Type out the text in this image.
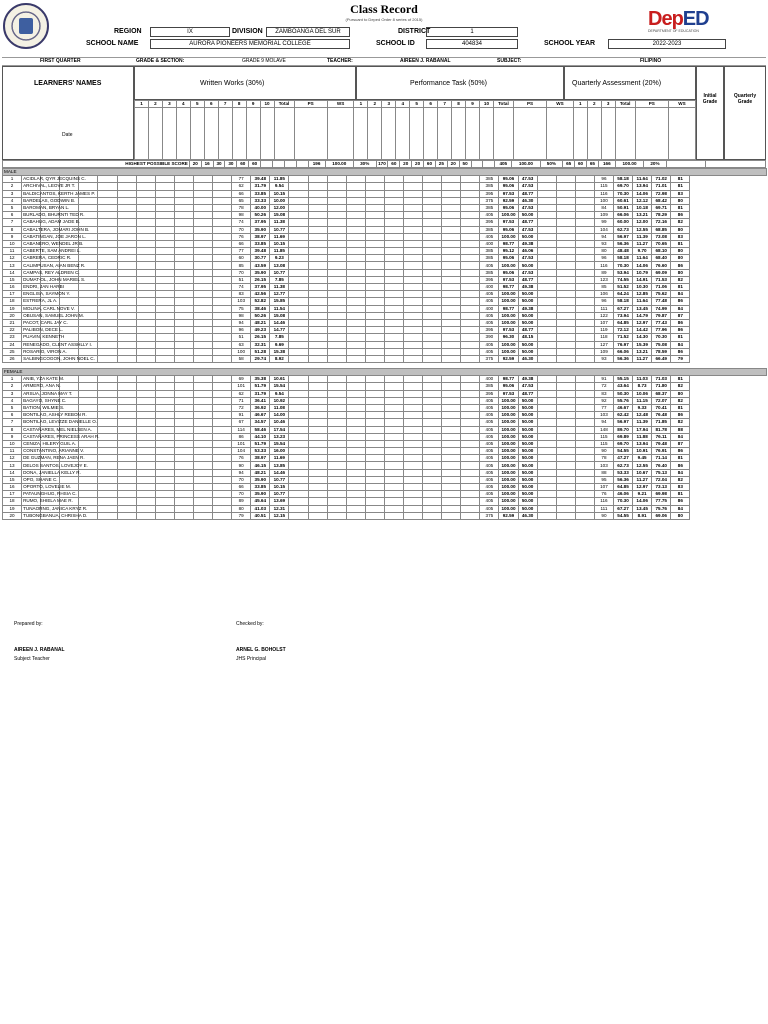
Class Record
(Pursuant to Deped Order 8 series of 2015)	DepED
DEPARTMENT OF EDUCATION
REGION	IX	DIVISION	ZAMBOANGA DEL SUR	DISTRICT	1
SCHOOL NAME	AURORA PIONEERS MEMORIAL COLLEGE	SCHOOL ID	404834	SCHOOL YEAR	2022-2023
FIRST QUARTER	GRADE & SECTION:	GRADE 9 MOLAVE	TEACHER:	AIREEN J. RABANAL	SUBJECT:	FILIPINO
LEARNERS' NAMES
Date
Written Works (30%)	Performance Task (50%)	Quarterly Assessment (20%)
Initial Grade
Quarterly Grade
1	2	3	4	5	6	7	8	9	10	Total	PS	WS	1	2	3	4	5	6	7	8	9	10	Total	PS	WS	1	2	3	Total	PS	WS

HIGHEST POSSIBLE SCORE	20	16	30	30	60	60					196	100.00	30%	170	60	20	20	60	25	20	50			405	100.00	50%	65	60	65	166	100.00	20%		
MALE																																			
1	ACIDLAR, QYR JECQUINS C.											77	39.48	11.85											385	95.06	47.53				96	58.18	11.64	71.02	81
2	ARCHIVAL, LEOVE JR T.											62	31.79	9.54											385	95.06	47.53				115	69.70	13.94	71.01	81
3	BALDICANTOS, KERTH JAMES P.											66	33.85	10.15											395	97.53	48.77				116	70.30	14.06	72.98	83
4	BARDELAS, GODWIN B.											65	33.33	10.00											375	92.59	46.30				100	60.61	12.12	68.42	80
5	BAROMAN, BRYAN L.											78	40.00	12.00											385	95.06	47.53				84	50.91	10.18	69.71	81
6	BURLADO, BHURNTI TED R.											98	50.26	15.08											405	100.00	50.00				109	66.06	13.21	78.29	86
7	CABAHUG, ADAM JADE B.											74	37.95	11.38											395	97.53	48.77				99	60.00	12.00	72.16	82
8	CABALTERA, JOMARI JOHN B.											70	35.90	10.77											385	95.06	47.53				104	62.73	12.55	68.85	80
9	CABATINGAN, JOE JARON L.											76	38.97	11.69											405	100.00	50.00				94	56.97	11.39	73.08	83
10	CABANERO, WENDEL JR B.											66	33.85	10.15											400	98.77	49.38				93	56.36	11.27	70.65	81
11	CABERTE, SAM ANDREI L.											77	39.48	11.85											385	95.12	46.06				80	48.48	9.70	68.10	80
12	CABRERA, CEDRIC R.											60	30.77	9.23											385	95.06	47.53				96	58.18	11.64	68.40	80
13	CALIMPUSAN, AIAN BENZ R.											85	43.59	13.08											405	100.00	50.00				116	70.30	14.06	76.60	86
14	CAMPAS, REY ALDREN C.											70	35.90	10.77											385	95.06	47.53				89	53.94	10.79	69.09	80
15	DUMAT-OL, JOHN MARIEL S.											51	26.15	7.85											395	97.53	48.77				123	74.55	14.91	71.53	82
16	ENDRI, JAN HARBI											74	37.95	11.38											400	98.77	49.38				85	51.52	10.30	71.06	81
17	ENGLISA, SAYMON Y.											83	42.56	12.77											405	100.00	50.00				106	64.24	12.85	75.62	84
18	ESTRERA, JL A.											103	52.82	15.85											405	100.00	50.00				96	58.18	11.64	77.48	86
19	MOLINA, CARL NOVE V.											75	38.46	11.54											400	98.77	49.38				111	67.27	13.45	74.99	84
20	OBUSAN, SAMUEL JOHN M.											98	50.26	15.08											405	100.00	50.00				122	73.94	14.79	79.87	87
21	PACOT, CARL JAY C.											94	48.21	14.46											405	100.00	50.00				107	64.85	12.97	77.43	86
22	PALIBON, DECE L.											96	49.23	14.77											395	97.53	48.77				119	72.12	14.42	77.96	86
23	PUAVIN, KENNETH											51	26.15	7.85											390	96.30	48.15				118	71.52	14.30	70.30	81
24	RENEGADO, CLENT ASSHLLY I.											63	32.31	9.69											405	100.00	50.00				127	76.97	15.39	75.08	84
25	ROSARIO, VIRON A.											100	51.28	15.38											405	100.00	50.00				109	66.06	13.21	78.59	86
26	SALBINGCOGON, JOHN NOEL C.											58	29.74	8.92											375	92.59	46.30				93	56.36	11.27	66.49	79
FEMALE																																			
1	ANIB, YZA KATE M.											69	35.38	10.61											400	98.77	49.38				91	55.15	11.03	71.03	81
2	ARMERO, ANA N.											101	51.79	15.54											385	95.06	47.53				72	43.64	8.73	71.80	82
3	ARSUA, JONNA MAY T.											62	31.79	9.54											395	97.53	48.77				83	50.30	10.06	68.37	80
4	BAGAYO, SHYNE C.											71	36.41	10.92											405	100.00	50.00				92	55.76	11.15	72.07	82
5	BATION, WILMIE S.											72	36.92	11.08											405	100.00	50.00				77	46.67	9.33	70.41	81
6	BONTILAO, ASHLY REBON R.											91	46.67	14.00											405	100.00	50.00				103	62.42	12.48	76.48	86
7	BONTILAO, LEVIZZE DANIELLE O.											67	34.57	10.46											405	100.00	50.00				94	56.97	11.39	71.85	82
8	CASTAÑARES, MEL NIELSEN A.											114	58.46	17.54											405	100.00	50.00				148	89.70	17.94	81.78	88
9	CASTAÑARES, PRINCESS ARAH R.											86	44.10	13.23											405	100.00	50.00				115	69.89	11.88	76.11	84
10	CENIZA, HILERY GUIL A.											101	51.79	15.54											405	100.00	50.00				115	69.70	13.94	79.48	87
11	CONSTANTINO, ARIANNE V.											104	53.33	16.00											405	100.00	50.00				90	54.55	10.91	76.91	86
12	DE GUZMAN, RENA JAEN R.											76	38.97	11.69											405	100.00	50.00				78	47.27	9.45	71.14	81
13	DELOS SANTOS, LOVEJOY E.											90	46.15	13.85											405	100.00	50.00				103	62.73	12.55	76.40	86
14	DONA, JANIELLA KELLY R.											94	48.21	14.46											405	100.00	50.00				88	53.33	10.67	75.13	84
15	OPO, SHANE C.											70	35.90	10.77											405	100.00	50.00				95	56.36	11.27	72.04	82
16	OPORTO, LOVELIE M.											66	33.85	10.15											405	100.00	50.00				107	64.85	12.97	73.13	83
17	PATAUNGHUG, RHSIA C.											70	35.90	10.77											405	100.00	50.00				76	46.06	9.21	69.98	81
18	RUMO, SHIELA MAE R.											89	45.64	13.69											405	100.00	50.00				116	70.30	14.06	77.75	86
19	TUNAORNG, JANICA KRYZ R.											80	41.03	12.31											405	100.00	50.00				111	67.27	13.45	75.76	84
20	TUBONGBANUA, CHRISHA D.											79	40.51	12.15											375	92.59	46.30				90	54.55	8.91	69.06	80
Prepared by:
AIREEN J. RABANAL
Subject Teacher
Checked by:
ARNEL G. BOHOLST
JHS Principal
